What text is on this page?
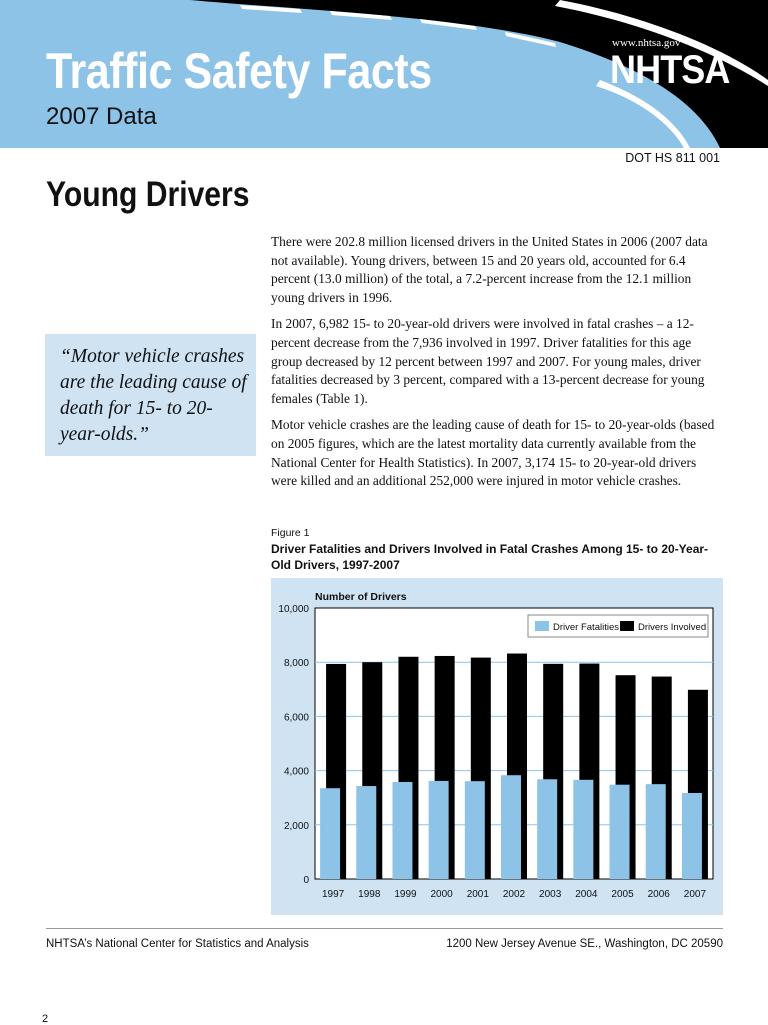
Traffic Safety Facts
2007 Data
www.nhtsa.gov
NHTSA
DOT HS 811 001
Young Drivers
“Motor vehicle crashes are the leading cause of death for 15- to 20-year-olds.”

There were 202.8 million licensed drivers in the United States in 2006 (2007 data not available). Young drivers, between 15 and 20 years old, accounted for 6.4 percent (13.0 million) of the total, a 7.2-percent increase from the 12.1 million young drivers in 1996.

In 2007, 6,982 15- to 20-year-old drivers were involved in fatal crashes – a 12-percent decrease from the 7,936 involved in 1997. Driver fatalities for this age group decreased by 12 percent between 1997 and 2007. For young males, driver fatalities decreased by 3 percent, compared with a 13-percent decrease for young females (Table 1).

Motor vehicle crashes are the leading cause of death for 15- to 20-year-olds (based on 2005 figures, which are the latest mortality data currently available from the National Center for Health Statistics). In 2007, 3,174 15- to 20-year-old drivers were killed and an additional 252,000 were injured in motor vehicle crashes.

Figure 1
Driver Fatalities and Drivers Involved in Fatal Crashes Among 15- to 20-Year-Old Drivers, 1997-2007
0
2,000
4,000
6,000
8,000
10,000
Number of Drivers
1997 1998 1999 2000 2001 2002 2003 2004 2005 2006 2007
Driver Fatalities Drivers Involved
NHTSA’s National Center for Statistics and Analysis	1200 New Jersey Avenue SE., Washington, DC 20590
2
